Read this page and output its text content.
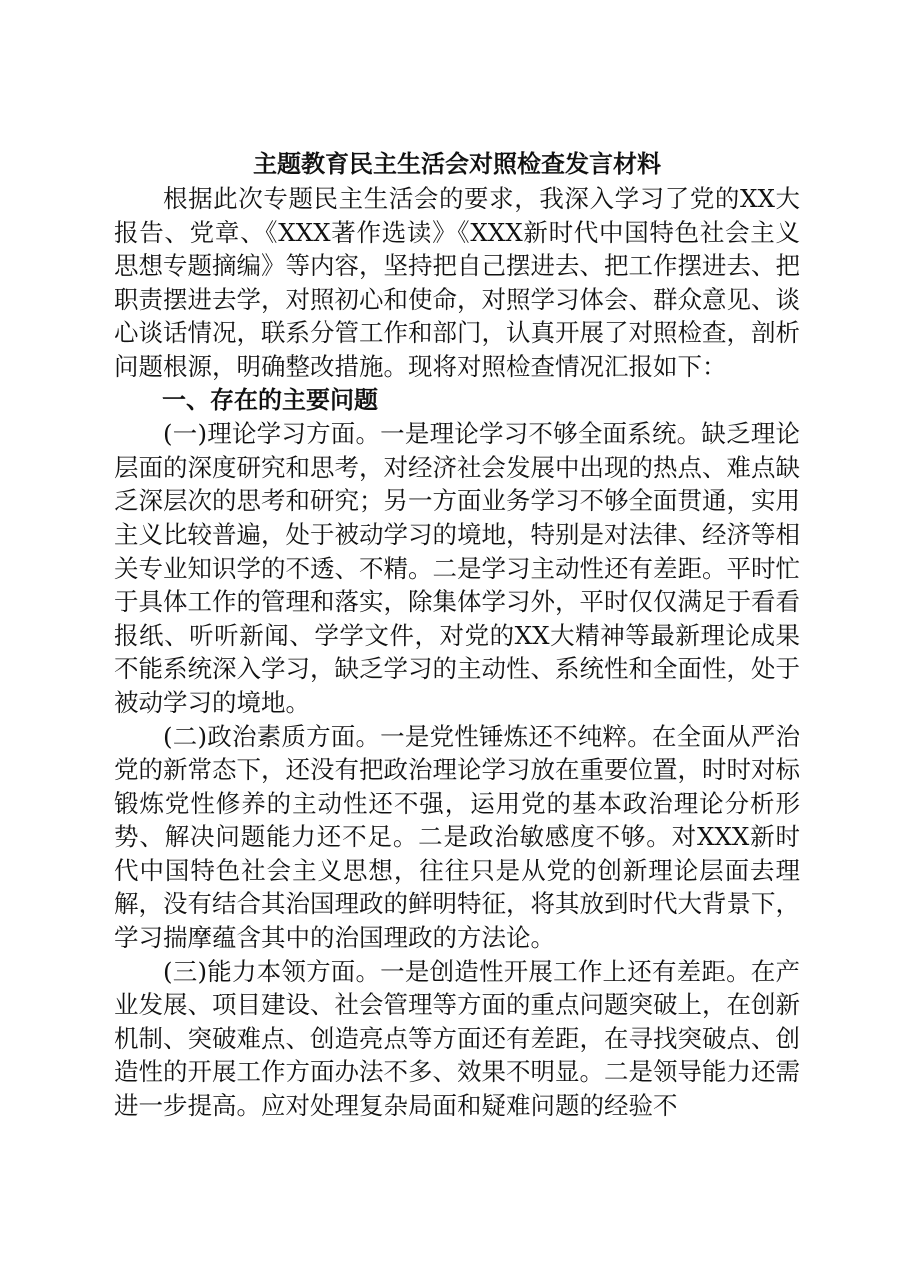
主题教育民主生活会对照检查发言材料

根据此次专题民主生活会的要求，我深入学习了党的XX大报告、党章、《XXX著作选读》《XXX新时代中国特色社会主义思想专题摘编》等内容，坚持把自己摆进去、把工作摆进去、把职责摆进去学，对照初心和使命，对照学习体会、群众意见、谈心谈话情况，联系分管工作和部门，认真开展了对照检查，剖析问题根源，明确整改措施。现将对照检查情况汇报如下：

一、存在的主要问题

(一)理论学习方面。一是理论学习不够全面系统。缺乏理论层面的深度研究和思考，对经济社会发展中出现的热点、难点缺乏深层次的思考和研究；另一方面业务学习不够全面贯通，实用主义比较普遍，处于被动学习的境地，特别是对法律、经济等相关专业知识学的不透、不精。二是学习主动性还有差距。平时忙于具体工作的管理和落实，除集体学习外，平时仅仅满足于看看报纸、听听新闻、学学文件，对党的XX大精神等最新理论成果不能系统深入学习，缺乏学习的主动性、系统性和全面性，处于被动学习的境地。

(二)政治素质方面。一是党性锤炼还不纯粹。在全面从严治党的新常态下，还没有把政治理论学习放在重要位置，时时对标锻炼党性修养的主动性还不强，运用党的基本政治理论分析形势、解决问题能力还不足。二是政治敏感度不够。对XXX新时代中国特色社会主义思想，往往只是从党的创新理论层面去理解，没有结合其治国理政的鲜明特征，将其放到时代大背景下，学习揣摩蕴含其中的治国理政的方法论。

(三)能力本领方面。一是创造性开展工作上还有差距。在产业发展、项目建设、社会管理等方面的重点问题突破上，在创新机制、突破难点、创造亮点等方面还有差距，在寻找突破点、创造性的开展工作方面办法不多、效果不明显。二是领导能力还需进一步提高。应对处理复杂局面和疑难问题的经验不
